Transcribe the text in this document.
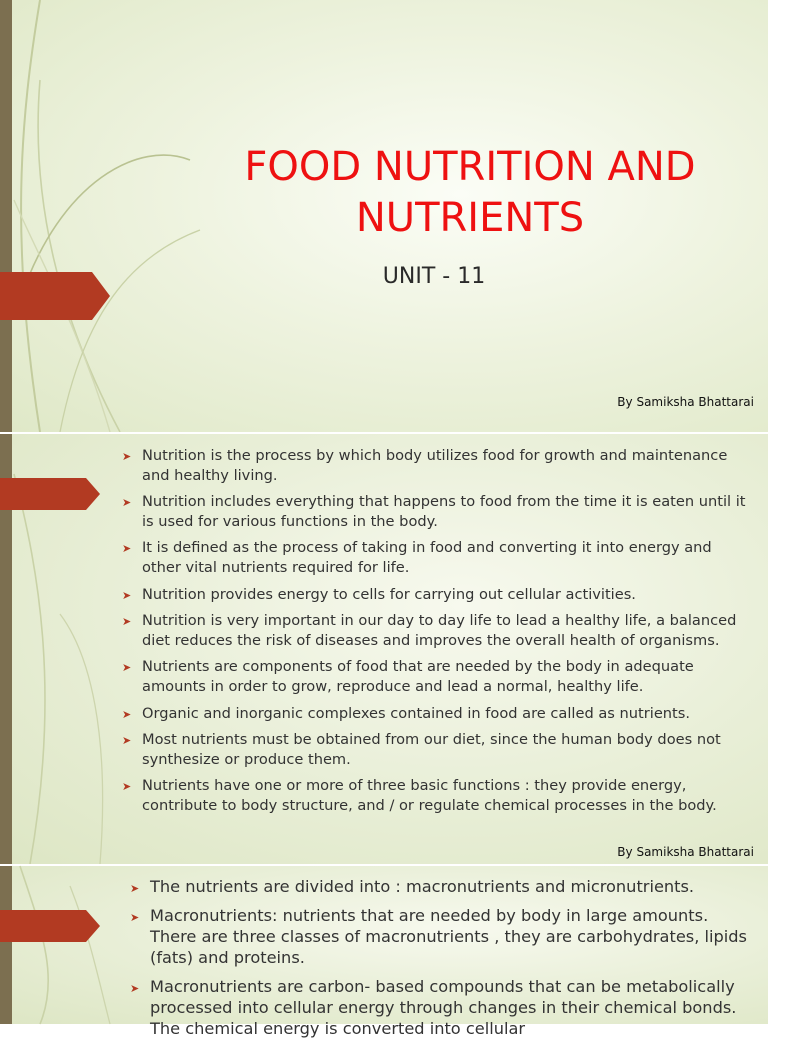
FOOD NUTRITION AND
NUTRIENTS
UNIT - 11
By Samiksha Bhattarai
➤ Nutrition is the process by which body utilizes food for growth and maintenance and healthy living.
➤ Nutrition includes everything that happens to food from the time it is eaten until it is used for various functions in the body.
➤ It is defined as the process of taking in food and converting it into energy and other vital nutrients required for life.
➤ Nutrition provides energy to cells for carrying out cellular activities.
➤ Nutrition is very important in our day to day life to lead a healthy life, a balanced diet reduces the risk of diseases and improves the overall health of organisms.
➤ Nutrients are components of food that are needed by the body in adequate amounts in order to grow, reproduce and lead a normal, healthy life.
➤ Organic and inorganic complexes contained in food are called as nutrients.
➤ Most nutrients must be obtained from our diet, since the human body does not synthesize or produce them.
➤ Nutrients have one or more of three basic functions : they provide energy, contribute to body structure, and / or regulate chemical processes in the body.
By Samiksha Bhattarai
➤ The nutrients are divided into : macronutrients and micronutrients.
➤ Macronutrients: nutrients that are needed by body in large amounts. There are three classes of macronutrients , they are carbohydrates, lipids (fats) and proteins.
➤ Macronutrients are carbon- based compounds that can be metabolically processed into cellular energy through changes in their chemical bonds. The chemical energy is converted into cellular
